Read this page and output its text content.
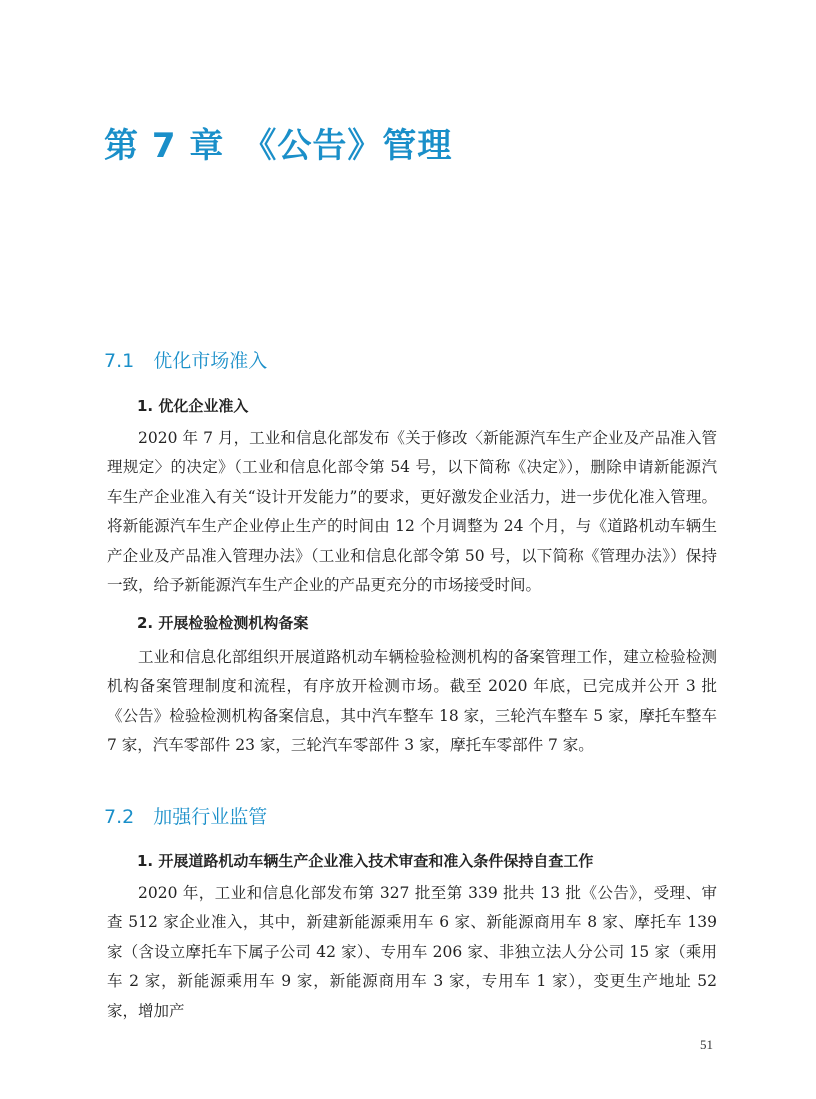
第 7 章　《公告》管理
7.1　优化市场准入
1. 优化企业准入

2020 年 7 月，工业和信息化部发布《关于修改〈新能源汽车生产企业及产品准入管理规定〉的决定》（工业和信息化部令第 54 号，以下简称《决定》），删除申请新能源汽车生产企业准入有关“设计开发能力”的要求，更好激发企业活力，进一步优化准入管理。将新能源汽车生产企业停止生产的时间由 12 个月调整为 24 个月，与《道路机动车辆生产企业及产品准入管理办法》（工业和信息化部令第 50 号，以下简称《管理办法》）保持一致，给予新能源汽车生产企业的产品更充分的市场接受时间。

2. 开展检验检测机构备案

工业和信息化部组织开展道路机动车辆检验检测机构的备案管理工作，建立检验检测机构备案管理制度和流程，有序放开检测市场。截至 2020 年底，已完成并公开 3 批《公告》检验检测机构备案信息，其中汽车整车 18 家，三轮汽车整车 5 家，摩托车整车 7 家，汽车零部件 23 家，三轮汽车零部件 3 家，摩托车零部件 7 家。

7.2　加强行业监管
1. 开展道路机动车辆生产企业准入技术审查和准入条件保持自查工作

2020 年，工业和信息化部发布第 327 批至第 339 批共 13 批《公告》，受理、审查 512 家企业准入，其中，新建新能源乘用车 6 家、新能源商用车 8 家、摩托车 139 家（含设立摩托车下属子公司 42 家）、专用车 206 家、非独立法人分公司 15 家（乘用车 2 家，新能源乘用车 9 家，新能源商用车 3 家，专用车 1 家），变更生产地址 52 家，增加产

51
